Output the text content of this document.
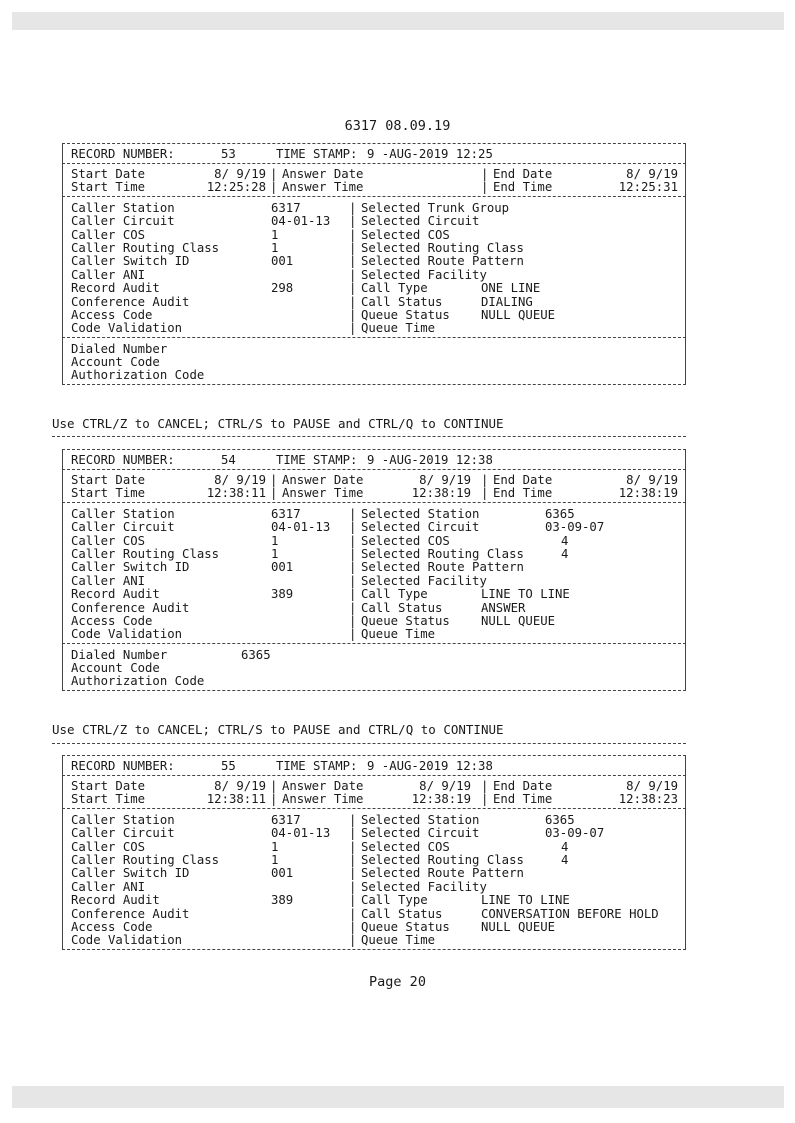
6317 08.09.19
RECORD NUMBER:	53	TIME STAMP: 9 -AUG-2019 12:25
Start Date	8/ 9/19 | Answer Date	| End Date	8/ 9/19
Start Time	12:25:28 | Answer Time	| End Time	12:25:31
Caller Station	6317	| Selected Trunk Group
Caller Circuit	04-01-13 | Selected Circuit
Caller COS	1	| Selected COS
Caller Routing Class	1	| Selected Routing Class
Caller Switch ID	001	| Selected Route Pattern
Caller ANI	| Selected Facility
Record Audit	298	| Call Type	ONE LINE
Conference Audit	| Call Status	DIALING
Access Code	| Queue Status	NULL QUEUE
Code Validation	| Queue Time
Dialed Number
Account Code
Authorization Code
Use CTRL/Z to CANCEL; CTRL/S to PAUSE and CTRL/Q to CONTINUE
RECORD NUMBER:	54	TIME STAMP: 9 -AUG-2019 12:38
Start Date	8/ 9/19 | Answer Date	8/ 9/19 | End Date	8/ 9/19
Start Time	12:38:11 | Answer Time	12:38:19 | End Time	12:38:19
Caller Station	6317	| Selected Station	6365
Caller Circuit	04-01-13 | Selected Circuit	03-09-07
Caller COS	1	| Selected COS	4
Caller Routing Class	1	| Selected Routing Class	4
Caller Switch ID	001	| Selected Route Pattern
Caller ANI	| Selected Facility
Record Audit	389	| Call Type	LINE TO LINE
Conference Audit	| Call Status	ANSWER
Access Code	| Queue Status	NULL QUEUE
Code Validation	| Queue Time
Dialed Number	6365
Account Code
Authorization Code
Use CTRL/Z to CANCEL; CTRL/S to PAUSE and CTRL/Q to CONTINUE
RECORD NUMBER:	55	TIME STAMP: 9 -AUG-2019 12:38
Start Date	8/ 9/19 | Answer Date	8/ 9/19 | End Date	8/ 9/19
Start Time	12:38:11 | Answer Time	12:38:19 | End Time	12:38:23
Caller Station	6317	| Selected Station	6365
Caller Circuit	04-01-13 | Selected Circuit	03-09-07
Caller COS	1	| Selected COS	4
Caller Routing Class	1	| Selected Routing Class	4
Caller Switch ID	001	| Selected Route Pattern
Caller ANI	| Selected Facility
Record Audit	389	| Call Type	LINE TO LINE
Conference Audit	| Call Status	CONVERSATION BEFORE HOLD
Access Code	| Queue Status	NULL QUEUE
Code Validation	| Queue Time
Page 20
